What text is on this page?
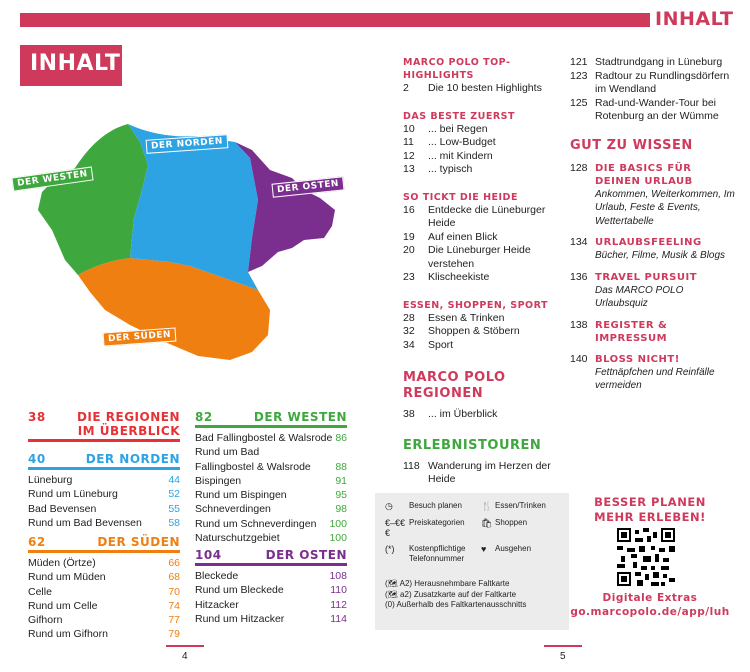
INHALT
INHALT
DER WESTEN
DER NORDEN
DER OSTEN
DER SÜDEN
38	DIE REGIONEN IM ÜBERBLICK
40	DER NORDEN
Lüneburg	44
Rund um Lüneburg	52
Bad Bevensen	55
Rund um Bad Bevensen	58
62	DER SÜDEN
Müden (Örtze)	66
Rund um Müden	68
Celle	70
Rund um Celle	74
Gifhorn	77
Rund um Gifhorn	79
82	DER WESTEN
Bad Fallingbostel & Walsrode 86
Rund um Bad Fallingbostel & Walsrode	88
Bispingen	91
Rund um Bispingen	95
Schneverdingen	98
Rund um Schneverdingen 100
Naturschutzgebiet	100
104	DER OSTEN
Bleckede	108
Rund um Bleckede	110
Hitzacker	112
Rund um Hitzacker	114
MARCO POLO TOP-HIGHLIGHTS
2	Die 10 besten Highlights
DAS BESTE ZUERST
10	... bei Regen
11	... Low-Budget
12	... mit Kindern
13	... typisch
SO TICKT DIE HEIDE
16	Entdecke die Lüneburger Heide
19	Auf einen Blick
20	Die Lüneburger Heide verstehen
23	Klischeekiste
ESSEN, SHOPPEN, SPORT
28	Essen & Trinken
32	Shoppen & Stöbern
34	Sport
MARCO POLO REGIONEN
38	... im Überblick
ERLEBNISTOUREN
118 Wanderung im Herzen der Heide
121 Stadtrundgang in Lüneburg
123 Radtour zu Rundlingsdörfern im Wendland
125 Rad-und-Wander-Tour bei Rotenburg an der Wümme
GUT ZU WISSEN
128 DIE BASICS FÜR DEINEN URLAUB
Ankommen, Weiterkommen, Im Urlaub, Feste & Events, Wettertabelle
134 URLAUBSFEELING
Bücher, Filme, Musik & Blogs
136 TRAVEL PURSUIT
Das MARCO POLO Urlaubsquiz
138 REGISTER & IMPRESSUM
140 BLOSS NICHT!
Fettnäpfchen und Reinfälle vermeiden
◷	Besuch planen	🍴 Essen/Trinken
€–€€€
Preiskategorien	🛍 Shoppen
(*)	Kostenpflichtige Telefonnummer
♥	Ausgehen
(🗺 A2) Herausnehmbare Faltkarte
(🗺 a2) Zusatzkarte auf der Faltkarte
(0) Außerhalb des Faltkartenausschnitts
BESSER PLANEN
MEHR ERLEBEN!
Digitale Extras
go.marcopolo.de/app/luh
4	5
